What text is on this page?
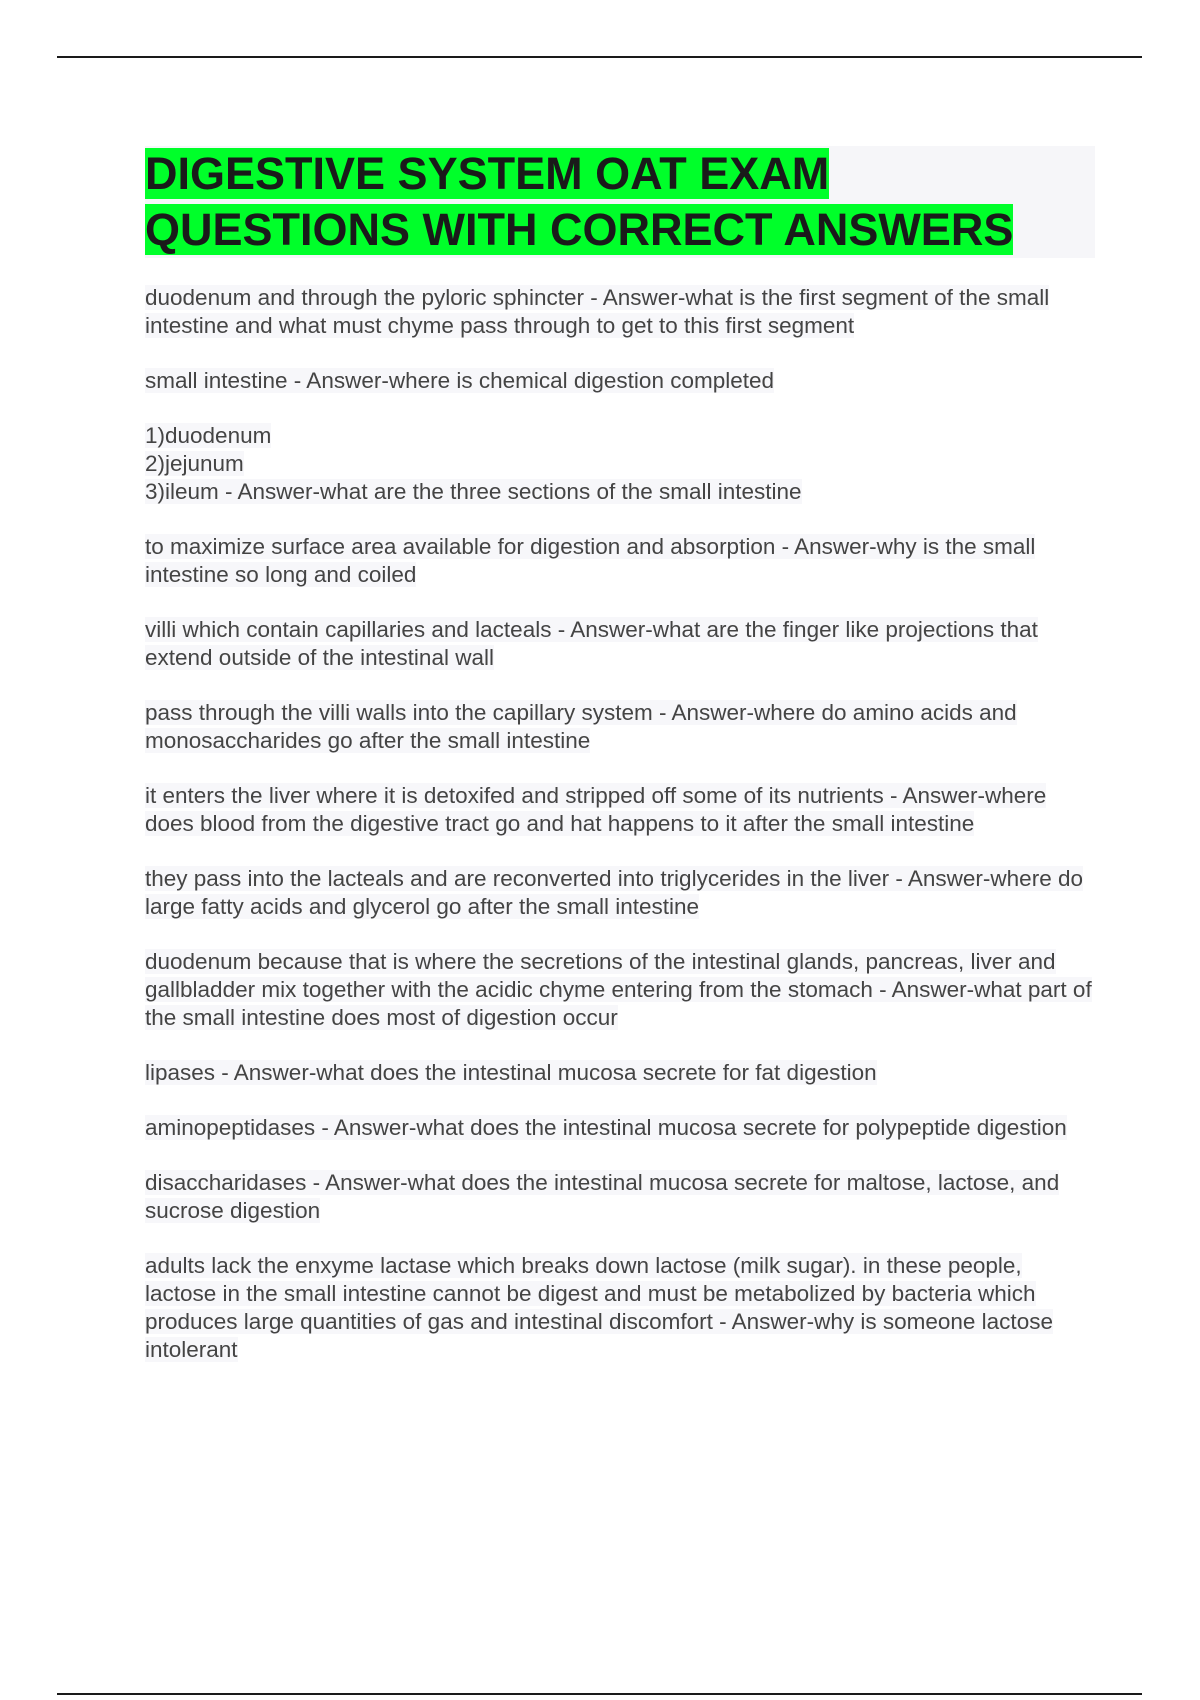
DIGESTIVE SYSTEM OAT EXAM
QUESTIONS WITH CORRECT ANSWERS

duodenum and through the pyloric sphincter - Answer-what is the first segment of the small intestine and what must chyme pass through to get to this first segment

small intestine - Answer-where is chemical digestion completed

1)duodenum
2)jejunum
3)ileum - Answer-what are the three sections of the small intestine

to maximize surface area available for digestion and absorption - Answer-why is the small intestine so long and coiled

villi which contain capillaries and lacteals - Answer-what are the finger like projections that extend outside of the intestinal wall

pass through the villi walls into the capillary system - Answer-where do amino acids and monosaccharides go after the small intestine

it enters the liver where it is detoxifed and stripped off some of its nutrients - Answer-where does blood from the digestive tract go and hat happens to it after the small intestine

they pass into the lacteals and are reconverted into triglycerides in the liver - Answer-where do large fatty acids and glycerol go after the small intestine

duodenum because that is where the secretions of the intestinal glands, pancreas, liver and gallbladder mix together with the acidic chyme entering from the stomach - Answer-what part of the small intestine does most of digestion occur

lipases - Answer-what does the intestinal mucosa secrete for fat digestion

aminopeptidases - Answer-what does the intestinal mucosa secrete for polypeptide digestion

disaccharidases - Answer-what does the intestinal mucosa secrete for maltose, lactose, and sucrose digestion

adults lack the enxyme lactase which breaks down lactose (milk sugar). in these people, lactose in the small intestine cannot be digest and must be metabolized by bacteria which produces large quantities of gas and intestinal discomfort - Answer-why is someone lactose intolerant
